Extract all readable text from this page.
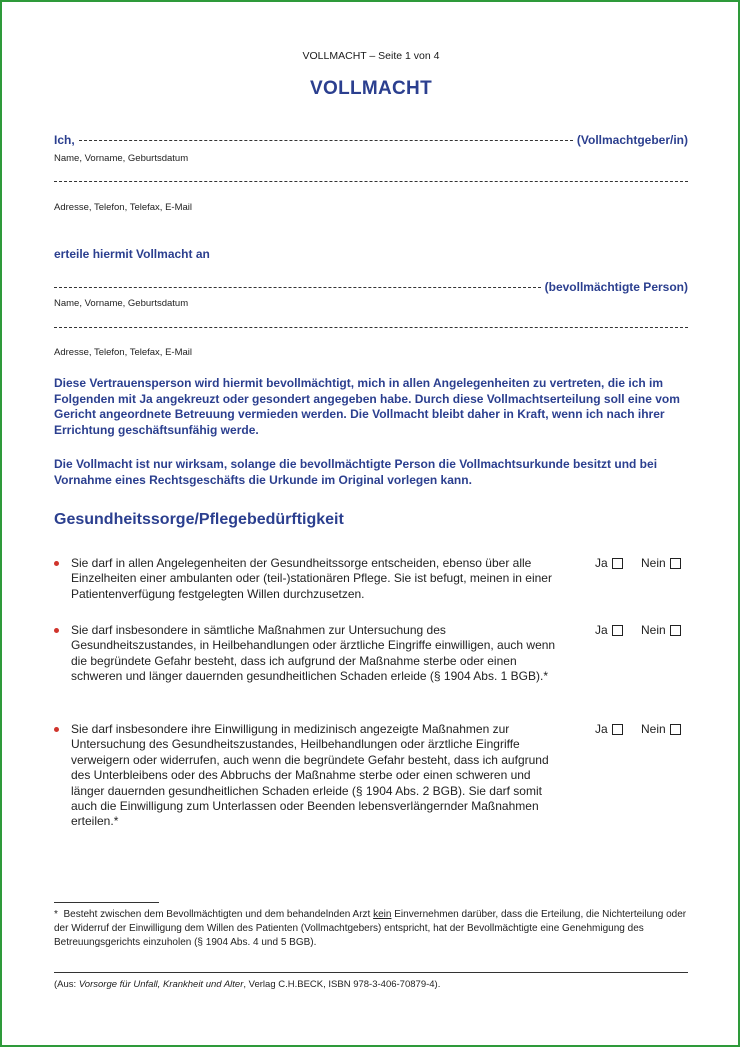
VOLLMACHT – Seite 1 von 4
VOLLMACHT
Ich,	(Vollmachtgeber/in)
Name, Vorname, Geburtsdatum
Adresse, Telefon, Telefax, E-Mail
erteile hiermit Vollmacht an
(bevollmächtigte Person)
Name, Vorname, Geburtsdatum
Adresse, Telefon, Telefax, E-Mail
Diese Vertrauensperson wird hiermit bevollmächtigt, mich in allen Angelegenheiten zu vertreten, die ich im Folgenden mit Ja angekreuzt oder gesondert angegeben habe. Durch diese Vollmachtserteilung soll eine vom Gericht angeordnete Betreuung vermieden werden. Die Vollmacht bleibt daher in Kraft, wenn ich nach ihrer Errichtung geschäftsunfähig werde.
Die Vollmacht ist nur wirksam, solange die bevollmächtigte Person die Vollmachtsurkunde besitzt und bei Vornahme eines Rechtsgeschäfts die Urkunde im Original vorlegen kann.
Gesundheitssorge/Pflegebedürftigkeit
Sie darf in allen Angelegenheiten der Gesundheitssorge entscheiden, ebenso über alle Einzelheiten einer ambulanten oder (teil-)stationären Pflege. Sie ist befugt, meinen in einer Patientenverfügung festgelegten Willen durchzusetzen.
Ja	Nein
Sie darf insbesondere in sämtliche Maßnahmen zur Untersuchung des Gesundheitszustandes, in Heilbehandlungen oder ärztliche Eingriffe einwilligen, auch wenn die begründete Gefahr besteht, dass ich aufgrund der Maßnahme sterbe oder einen schweren und länger dauernden gesundheitlichen Schaden erleide (§ 1904 Abs. 1 BGB).*
Ja	Nein
Sie darf insbesondere ihre Einwilligung in medizinisch angezeigte Maßnahmen zur Untersuchung des Gesundheitszustandes, Heilbehandlungen oder ärztliche Eingriffe verweigern oder widerrufen, auch wenn die begründete Gefahr besteht, dass ich aufgrund des Unterbleibens oder des Abbruchs der Maßnahme sterbe oder einen schweren und länger dauernden gesundheitlichen Schaden erleide (§ 1904 Abs. 2 BGB). Sie darf somit auch die Einwilligung zum Unterlassen oder Beenden lebensverlängernder Maßnahmen erteilen.*
Ja	Nein
* Besteht zwischen dem Bevollmächtigten und dem behandelnden Arzt kein Einvernehmen darüber, dass die Erteilung, die Nichterteilung oder der Widerruf der Einwilligung dem Willen des Patienten (Vollmachtgebers) entspricht, hat der Bevollmächtigte eine Genehmigung des Betreuungsgerichts einzuholen (§ 1904 Abs. 4 und 5 BGB).
(Aus: Vorsorge für Unfall, Krankheit und Alter, Verlag C.H.BECK, ISBN 978-3-406-70879-4).
